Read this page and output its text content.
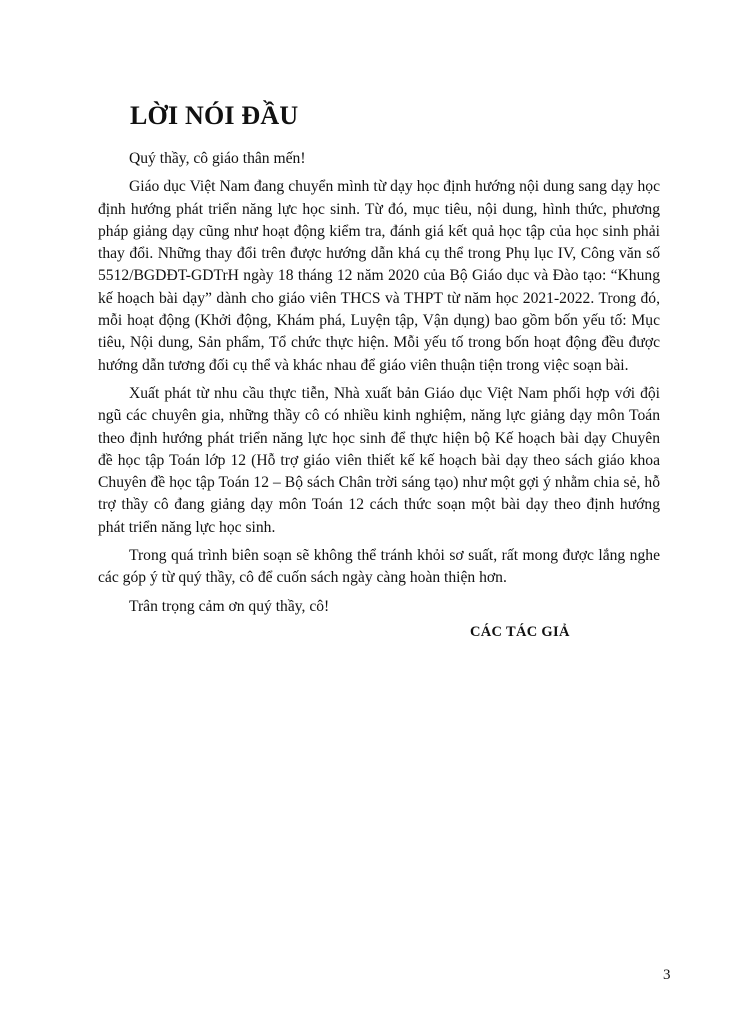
LỜI NÓI ĐẦU

Quý thầy, cô giáo thân mến!

Giáo dục Việt Nam đang chuyển mình từ dạy học định hướng nội dung sang dạy học định hướng phát triển năng lực học sinh. Từ đó, mục tiêu, nội dung, hình thức, phương pháp giảng dạy cũng như hoạt động kiểm tra, đánh giá kết quả học tập của học sinh phải thay đổi. Những thay đổi trên được hướng dẫn khá cụ thể trong Phụ lục IV, Công văn số 5512/BGDĐT-GDTrH ngày 18 tháng 12 năm 2020 của Bộ Giáo dục và Đào tạo: “Khung kế hoạch bài dạy” dành cho giáo viên THCS và THPT từ năm học 2021-2022. Trong đó, mỗi hoạt động (Khởi động, Khám phá, Luyện tập, Vận dụng) bao gồm bốn yếu tố: Mục tiêu, Nội dung, Sản phẩm, Tổ chức thực hiện. Mỗi yếu tố trong bốn hoạt động đều được hướng dẫn tương đối cụ thể và khác nhau để giáo viên thuận tiện trong việc soạn bài.

Xuất phát từ nhu cầu thực tiễn, Nhà xuất bản Giáo dục Việt Nam phối hợp với đội ngũ các chuyên gia, những thầy cô có nhiều kinh nghiệm, năng lực giảng dạy môn Toán theo định hướng phát triển năng lực học sinh để thực hiện bộ Kế hoạch bài dạy Chuyên đề học tập Toán lớp 12 (Hỗ trợ giáo viên thiết kế kế hoạch bài dạy theo sách giáo khoa Chuyên đề học tập Toán 12 – Bộ sách Chân trời sáng tạo) như một gợi ý nhằm chia sẻ, hỗ trợ thầy cô đang giảng dạy môn Toán 12 cách thức soạn một bài dạy theo định hướng phát triển năng lực học sinh.

Trong quá trình biên soạn sẽ không thể tránh khỏi sơ suất, rất mong được lắng nghe các góp ý từ quý thầy, cô để cuốn sách ngày càng hoàn thiện hơn.

Trân trọng cảm ơn quý thầy, cô!

CÁC TÁC GIẢ
3
